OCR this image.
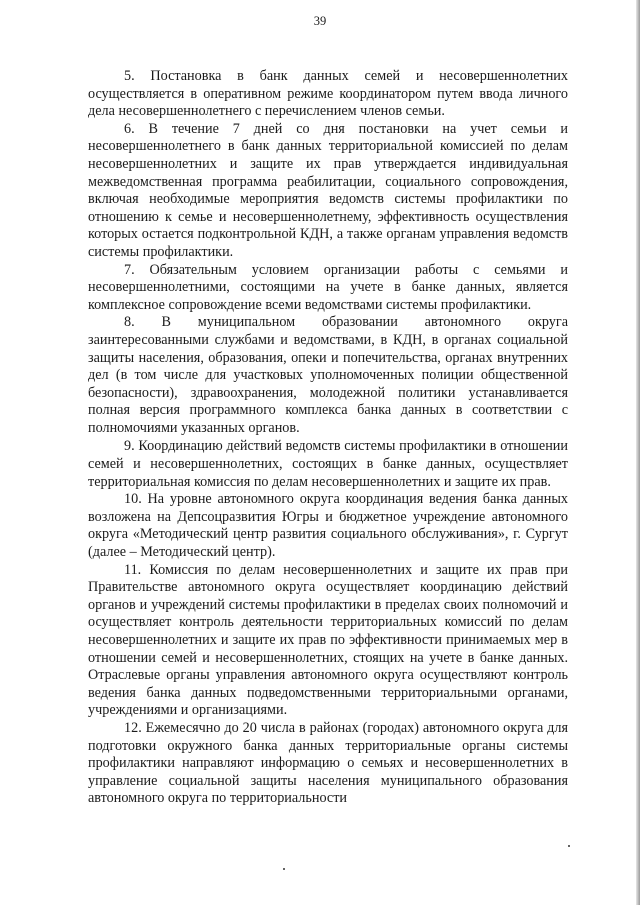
39

5. Постановка в банк данных семей и несовершеннолетних осуществляется в оперативном режиме координатором путем ввода личного дела несовершеннолетнего с перечислением членов семьи.

6. В течение 7 дней со дня постановки на учет семьи и несовершеннолетнего в банк данных территориальной комиссией по делам несовершеннолетних и защите их прав утверждается индивидуальная межведомственная программа реабилитации, социального сопровождения, включая необходимые мероприятия ведомств системы профилактики по отношению к семье и несовершеннолетнему, эффективность осуществления которых остается подконтрольной КДН, а также органам управления ведомств системы профилактики.

7. Обязательным условием организации работы с семьями и несовершеннолетними, состоящими на учете в банке данных, является комплексное сопровождение всеми ведомствами системы профилактики.

8. В муниципальном образовании автономного округа заинтересованными службами и ведомствами, в КДН, в органах социальной защиты населения, образования, опеки и попечительства, органах внутренних дел (в том числе для участковых уполномоченных полиции общественной безопасности), здравоохранения, молодежной политики устанавливается полная версия программного комплекса банка данных в соответствии с полномочиями указанных органов.

9. Координацию действий ведомств системы профилактики в отношении семей и несовершеннолетних, состоящих в банке данных, осуществляет территориальная комиссия по делам несовершеннолетних и защите их прав.

10. На уровне автономного округа координация ведения банка данных возложена на Депсоцразвития Югры и бюджетное учреждение автономного округа «Методический центр развития социального обслуживания», г. Сургут (далее – Методический центр).

11. Комиссия по делам несовершеннолетних и защите их прав при Правительстве автономного округа осуществляет координацию действий органов и учреждений системы профилактики в пределах своих полномочий и осуществляет контроль деятельности территориальных комиссий по делам несовершеннолетних и защите их прав по эффективности принимаемых мер в отношении семей и несовершеннолетних, стоящих на учете в банке данных. Отраслевые органы управления автономного округа осуществляют контроль ведения банка данных подведомственными территориальными органами, учреждениями и организациями.

12. Ежемесячно до 20 числа в районах (городах) автономного округа для подготовки окружного банка данных территориальные органы системы профилактики направляют информацию о семьях и несовершеннолетних в управление социальной защиты населения муниципального образования автономного округа по территориальности
